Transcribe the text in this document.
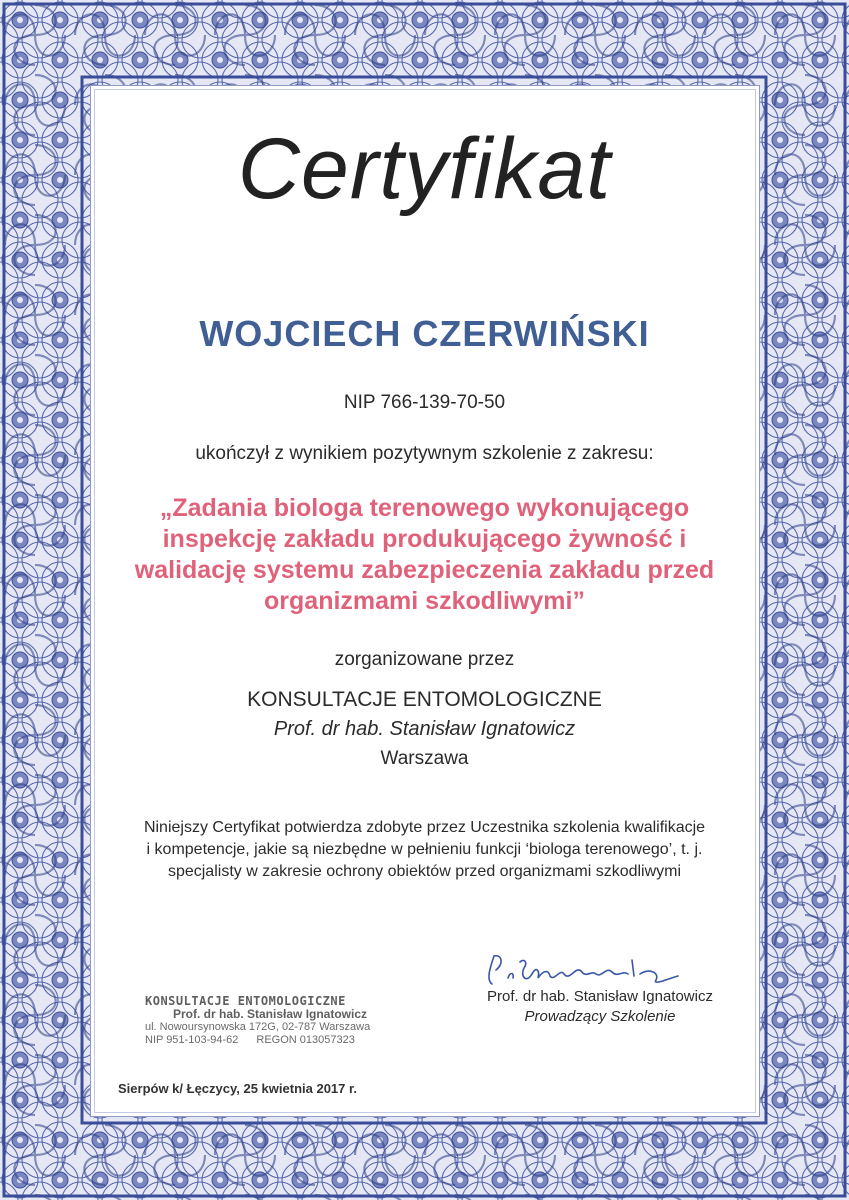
Certyfikat
WOJCIECH CZERWIŃSKI
NIP 766-139-70-50
ukończył z wynikiem pozytywnym szkolenie z zakresu:
„Zadania biologa terenowego wykonującego
inspekcję zakładu produkującego żywność i
walidację systemu zabezpieczenia zakładu przed
organizmami szkodliwymi”
zorganizowane przez
KONSULTACJE ENTOMOLOGICZNE
Prof. dr hab. Stanisław Ignatowicz
Warszawa
Niniejszy Certyfikat potwierdza zdobyte przez Uczestnika szkolenia kwalifikacje
i kompetencje, jakie są niezbędne w pełnieniu funkcji ‘biologa terenowego’, t. j.
specjalisty w zakresie ochrony obiektów przed organizmami szkodliwymi
Prof. dr hab. Stanisław Ignatowicz
Prowadzący Szkolenie
KONSULTACJE ENTOMOLOGICZNE
Prof. dr hab. Stanisław Ignatowicz
ul. Nowoursynowska 172G, 02-787 Warszawa
NIP 951-103-94-62 REGON 013057323
Sierpów k/ Łęczycy, 25 kwietnia 2017 r.
